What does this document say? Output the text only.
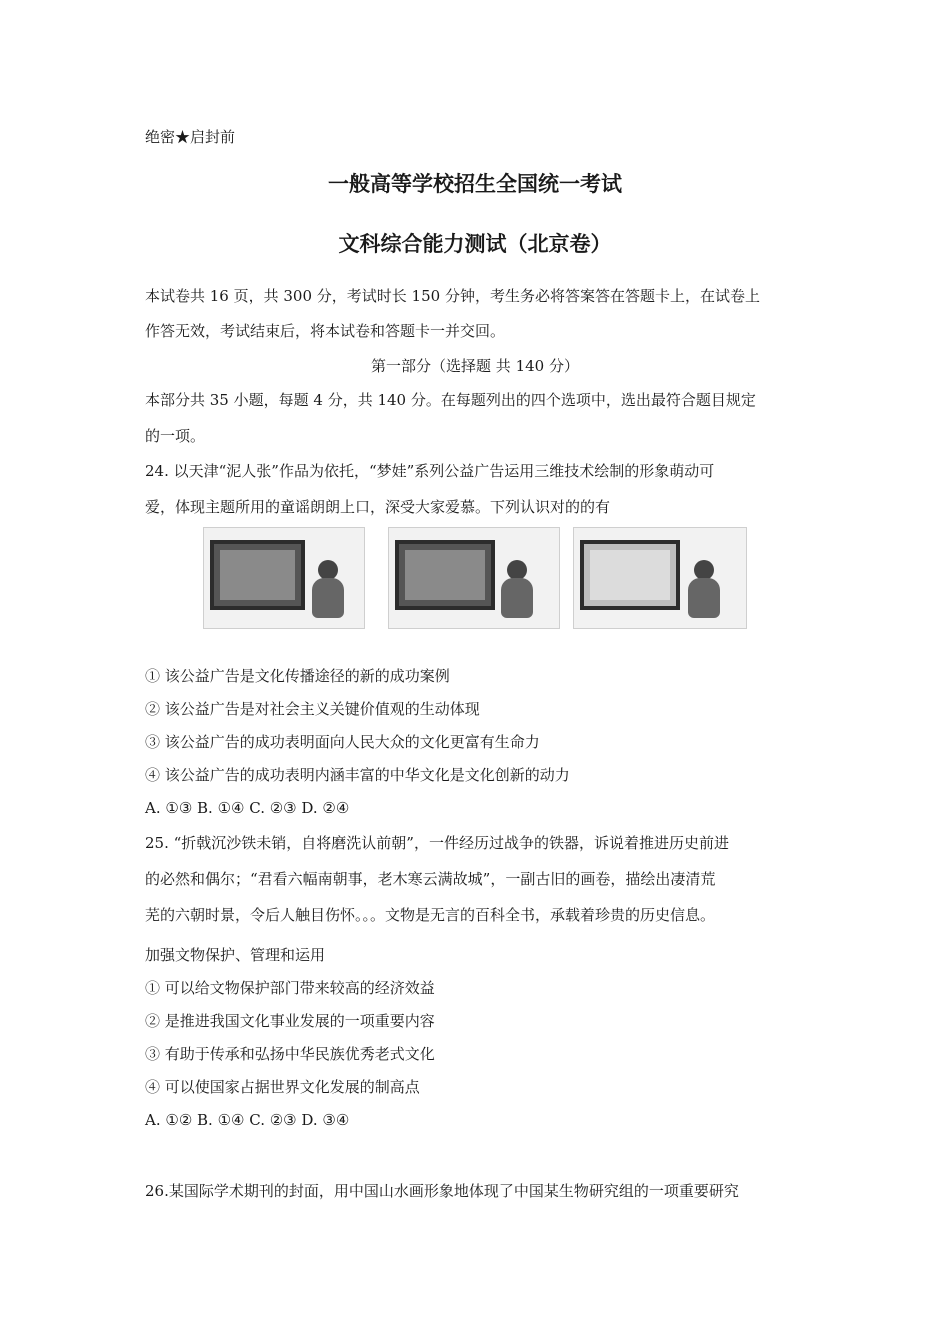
绝密★启封前
一般高等学校招生全国统一考试
文科综合能力测试（北京卷）
本试卷共 16 页，共 300 分，考试时长 150 分钟，考生务必将答案答在答题卡上，在试卷上
作答无效，考试结束后，将本试卷和答题卡一并交回。
第一部分（选择题 共 140 分）
本部分共 35 小题，每题 4 分，共 140 分。在每题列出的四个选项中，选出最符合题目规定
的一项。
24. 以天津“泥人张”作品为依托，“梦娃”系列公益广告运用三维技术绘制的形象萌动可
爱，体现主题所用的童谣朗朗上口，深受大家爱慕。下列认识对的的有
① 该公益广告是文化传播途径的新的成功案例
② 该公益广告是对社会主义关键价值观的生动体现
③ 该公益广告的成功表明面向人民大众的文化更富有生命力
④ 该公益广告的成功表明内涵丰富的中华文化是文化创新的动力
A. ①③ B. ①④ C. ②③ D. ②④
25. “折戟沉沙铁未销，自将磨洗认前朝”，一件经历过战争的铁器，诉说着推进历史前进
的必然和偶尔；“君看六幅南朝事，老木寒云满故城”，一副古旧的画卷，描绘出凄清荒
芜的六朝时景，令后人触目伤怀。。。文物是无言的百科全书，承载着珍贵的历史信息。
加强文物保护、管理和运用
① 可以给文物保护部门带来较高的经济效益
② 是推进我国文化事业发展的一项重要内容
③ 有助于传承和弘扬中华民族优秀老式文化
④ 可以使国家占据世界文化发展的制高点
A. ①② B. ①④ C. ②③ D. ③④
26.某国际学术期刊的封面，用中国山水画形象地体现了中国某生物研究组的一项重要研究
